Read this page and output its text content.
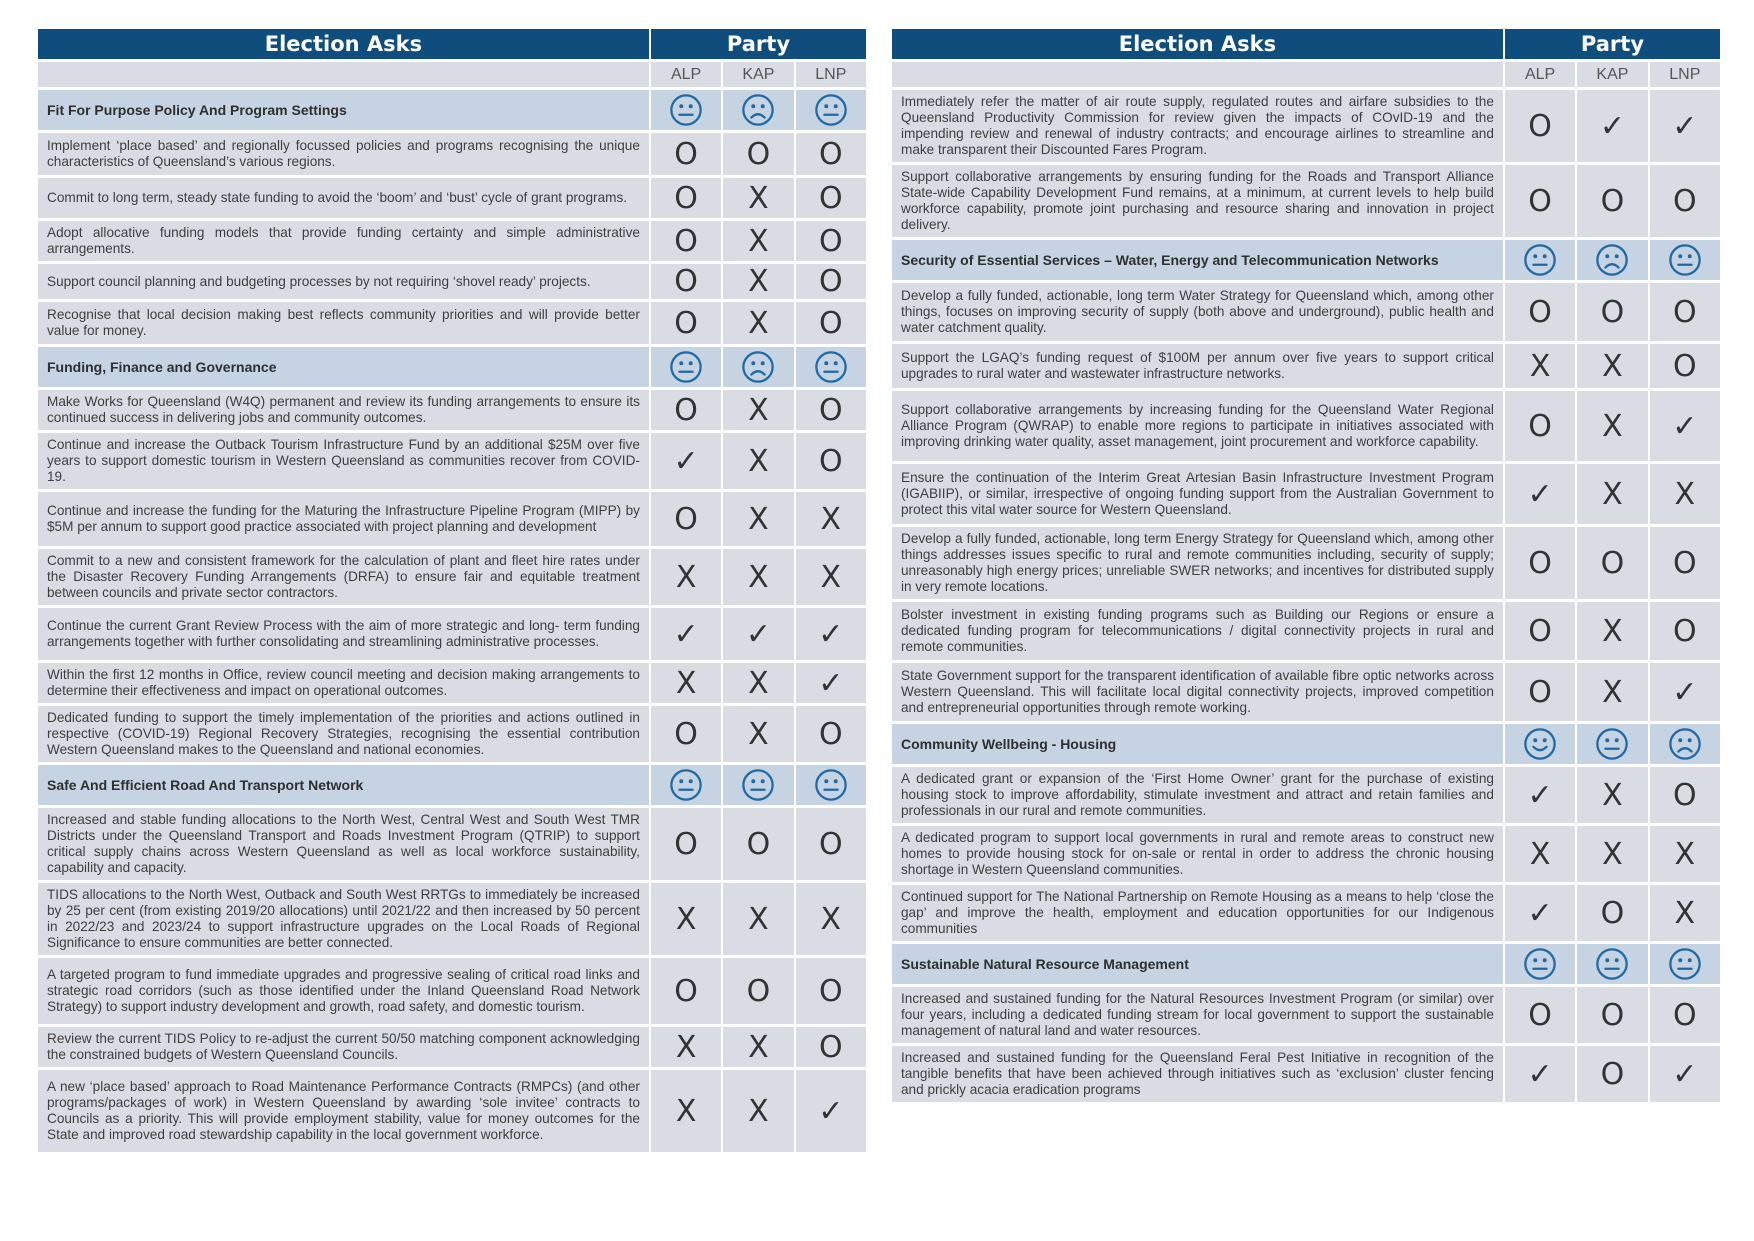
Election Asks	Party		
	ALP	KAP	LNP
Fit For Purpose Policy And Program Settings			
Implement ‘place based’ and regionally focussed policies and programs recognising the unique characteristics of Queensland’s various regions.	O	O	O
Commit to long term, steady state funding to avoid the ‘boom’ and ‘bust’ cycle of grant programs.	O	X	O
Adopt allocative funding models that provide funding certainty and simple administrative arrangements.	O	X	O
Support council planning and budgeting processes by not requiring ‘shovel ready’ projects.	O	X	O
Recognise that local decision making best reflects community priorities and will provide better value for money.	O	X	O
Funding, Finance and Governance			
Make Works for Queensland (W4Q) permanent and review its funding arrangements to ensure its continued success in delivering jobs and community outcomes.	O	X	O
Continue and increase the Outback Tourism Infrastructure Fund by an additional $25M over five years to support domestic tourism in Western Queensland as communities recover from COVID-19.	✓	X	O
Continue and increase the funding for the Maturing the Infrastructure Pipeline Program (MIPP) by $5M per annum to support good practice associated with project planning and development	O	X	X
Commit to a new and consistent framework for the calculation of plant and fleet hire rates under the Disaster Recovery Funding Arrangements (DRFA) to ensure fair and equitable treatment between councils and private sector contractors.	X	X	X
Continue the current Grant Review Process with the aim of more strategic and long- term funding arrangements together with further consolidating and streamlining administrative processes.	✓	✓	✓
Within the first 12 months in Office, review council meeting and decision making arrangements to determine their effectiveness and impact on operational outcomes.	X	X	✓
Dedicated funding to support the timely implementation of the priorities and actions outlined in respective (COVID-19) Regional Recovery Strategies, recognising the essential contribution Western Queensland makes to the Queensland and national economies.	O	X	O
Safe And Efficient Road And Transport Network			
Increased and stable funding allocations to the North West, Central West and South West TMR Districts under the Queensland Transport and Roads Investment Program (QTRIP) to support critical supply chains across Western Queensland as well as local workforce sustainability, capability and capacity.	O	O	O
TIDS allocations to the North West, Outback and South West RRTGs to immediately be increased by 25 per cent (from existing 2019/20 allocations) until 2021/22 and then increased by 50 percent in 2022/23 and 2023/24 to support infrastructure upgrades on the Local Roads of Regional Significance to ensure communities are better connected.	X	X	X
A targeted program to fund immediate upgrades and progressive sealing of critical road links and strategic road corridors (such as those identified under the Inland Queensland Road Network Strategy) to support industry development and growth, road safety, and domestic tourism.	O	O	O
Review the current TIDS Policy to re-adjust the current 50/50 matching component acknowledging the constrained budgets of Western Queensland Councils.	X	X	O
A new ‘place based’ approach to Road Maintenance Performance Contracts (RMPCs) (and other programs/packages of work) in Western Queensland by awarding ‘sole invitee’ contracts to Councils as a priority. This will provide employment stability, value for money outcomes for the State and improved road stewardship capability in the local government workforce.	X	X	✓
Election Asks	Party		
	ALP	KAP	LNP
Immediately refer the matter of air route supply, regulated routes and airfare subsidies to the Queensland Productivity Commission for review given the impacts of COvID-19 and the impending review and renewal of industry contracts; and encourage airlines to streamline and make transparent their Discounted Fares Program.	O	✓	✓
Support collaborative arrangements by ensuring funding for the Roads and Transport Alliance State-wide Capability Development Fund remains, at a minimum, at current levels to help build workforce capability, promote joint purchasing and resource sharing and innovation in project delivery.	O	O	O
Security of Essential Services – Water, Energy and Telecommunication Networks			
Develop a fully funded, actionable, long term Water Strategy for Queensland which, among other things, focuses on improving security of supply (both above and underground), public health and water catchment quality.	O	O	O
Support the LGAQ’s funding request of $100M per annum over five years to support critical upgrades to rural water and wastewater infrastructure networks.	X	X	O
Support collaborative arrangements by increasing funding for the Queensland Water Regional Alliance Program (QWRAP) to enable more regions to participate in initiatives associated with improving drinking water quality, asset management, joint procurement and workforce capability.	O	X	✓
Ensure the continuation of the Interim Great Artesian Basin Infrastructure Investment Program (IGABIIP), or similar, irrespective of ongoing funding support from the Australian Government to protect this vital water source for Western Queensland.	✓	X	X
Develop a fully funded, actionable, long term Energy Strategy for Queensland which, among other things addresses issues specific to rural and remote communities including, security of supply; unreasonably high energy prices; unreliable SWER networks; and incentives for distributed supply in very remote locations.	O	O	O
Bolster investment in existing funding programs such as Building our Regions or ensure a dedicated funding program for telecommunications / digital connectivity projects in rural and remote communities.	O	X	O
State Government support for the transparent identification of available fibre optic networks across Western Queensland. This will facilitate local digital connectivity projects, improved competition and entrepreneurial opportunities through remote working.	O	X	✓
Community Wellbeing - Housing			
A dedicated grant or expansion of the ‘First Home Owner’ grant for the purchase of existing housing stock to improve affordability, stimulate investment and attract and retain families and professionals in our rural and remote communities.	✓	X	O
A dedicated program to support local governments in rural and remote areas to construct new homes to provide housing stock for on-sale or rental in order to address the chronic housing shortage in Western Queensland communities.	X	X	X
Continued support for The National Partnership on Remote Housing as a means to help ‘close the gap’ and improve the health, employment and education opportunities for our Indigenous communities	✓	O	X
Sustainable Natural Resource Management			
Increased and sustained funding for the Natural Resources Investment Program (or similar) over four years, including a dedicated funding stream for local government to support the sustainable management of natural land and water resources.	O	O	O
Increased and sustained funding for the Queensland Feral Pest Initiative in recognition of the tangible benefits that have been achieved through initiatives such as ‘exclusion’ cluster fencing and prickly acacia eradication programs	✓	O	✓
